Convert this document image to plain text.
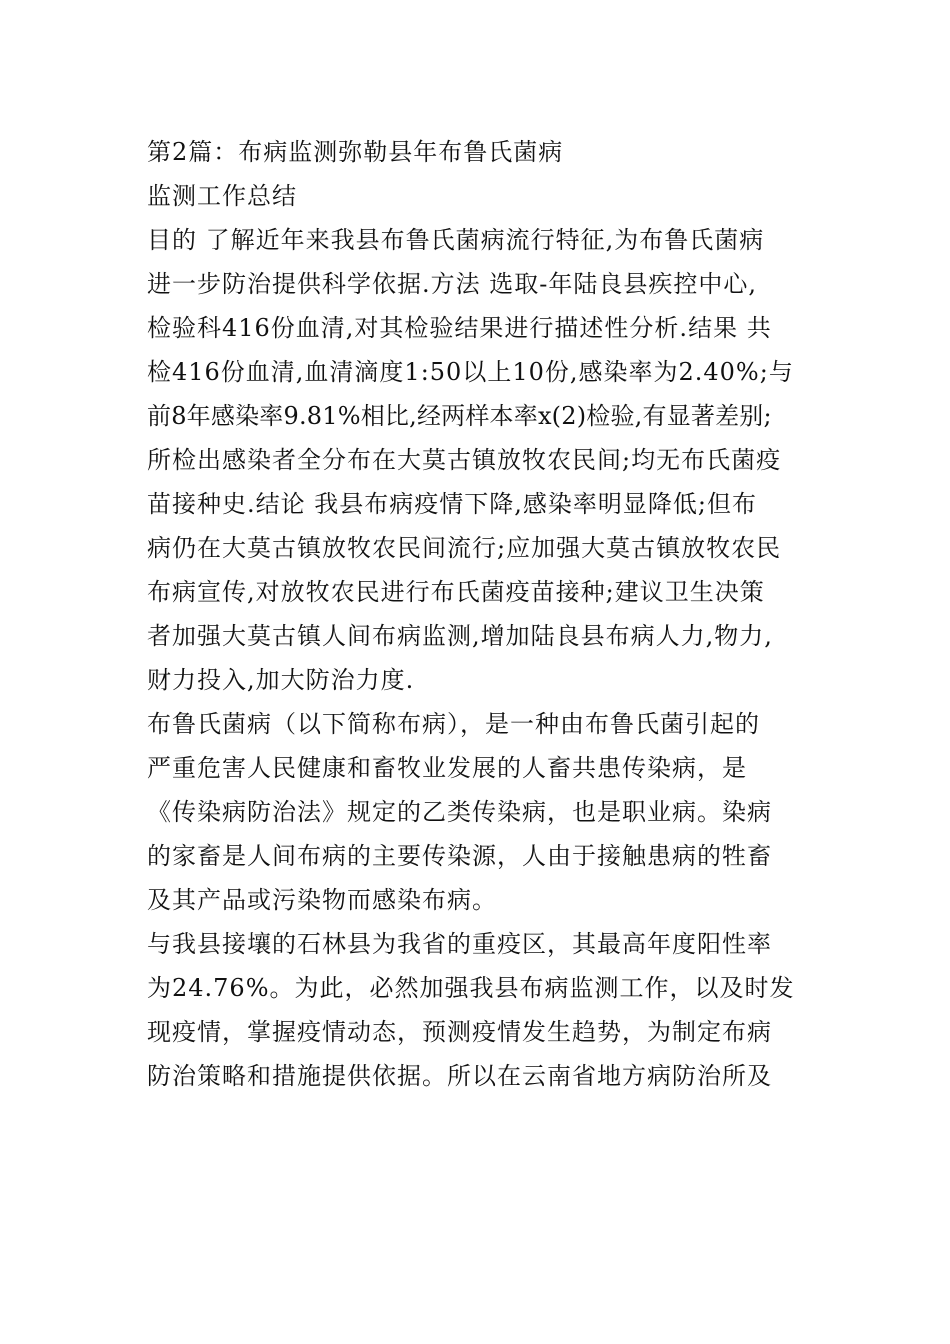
第2篇：布病监测弥勒县年布鲁氏菌病
监测工作总结
目的 了解近年来我县布鲁氏菌病流行特征,为布鲁氏菌病
进一步防治提供科学依据.方法 选取-年陆良县疾控中心,
检验科416份血清,对其检验结果进行描述性分析.结果 共
检416份血清,血清滴度1:50以上10份,感染率为2.40%;与
前8年感染率9.81%相比,经两样本率x(2)检验,有显著差别;
所检出感染者全分布在大莫古镇放牧农民间;均无布氏菌疫
苗接种史.结论 我县布病疫情下降,感染率明显降低;但布
病仍在大莫古镇放牧农民间流行;应加强大莫古镇放牧农民
布病宣传,对放牧农民进行布氏菌疫苗接种;建议卫生决策
者加强大莫古镇人间布病监测,增加陆良县布病人力,物力,
财力投入,加大防治力度.
布鲁氏菌病（以下简称布病），是一种由布鲁氏菌引起的
严重危害人民健康和畜牧业发展的人畜共患传染病，是
《传染病防治法》规定的乙类传染病，也是职业病。染病
的家畜是人间布病的主要传染源，人由于接触患病的牲畜
及其产品或污染物而感染布病。
与我县接壤的石林县为我省的重疫区，其最高年度阳性率
为24.76%。为此，必然加强我县布病监测工作，以及时发
现疫情，掌握疫情动态，预测疫情发生趋势，为制定布病
防治策略和措施提供依据。所以在云南省地方病防治所及
